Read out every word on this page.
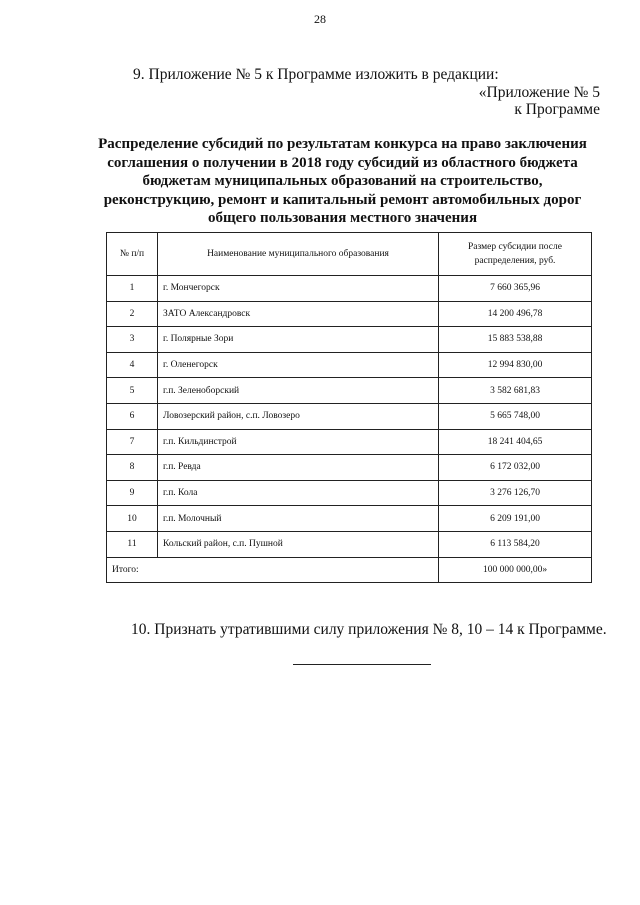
28
9. Приложение № 5 к Программе изложить в редакции:
«Приложение № 5
к Программе
Распределение субсидий по результатам конкурса на право заключения
соглашения о получении в 2018 году субсидий из областного бюджета
бюджетам муниципальных образований на строительство,
реконструкцию, ремонт и капитальный ремонт автомобильных дорог
общего пользования местного значения
№ п/п	Наименование муниципального образования	Размер субсидии после
распределения, руб.

1	г. Мончегорск	7 660 365,96
2	ЗАТО Александровск	14 200 496,78
3	г. Полярные Зори	15 883 538,88
4	г. Оленегорск	12 994 830,00
5	г.п. Зеленоборский	3 582 681,83
6	Ловозерский район, с.п. Ловозеро	5 665 748,00
7	г.п. Кильдинстрой	18 241 404,65
8	г.п. Ревда	6 172 032,00
9	г.п. Кола	3 276 126,70
10	г.п. Молочный	6 209 191,00
11	Кольский район, с.п. Пушной	6 113 584,20
Итого:		100 000 000,00»
10. Признать утратившими силу приложения № 8, 10 – 14 к Программе.
